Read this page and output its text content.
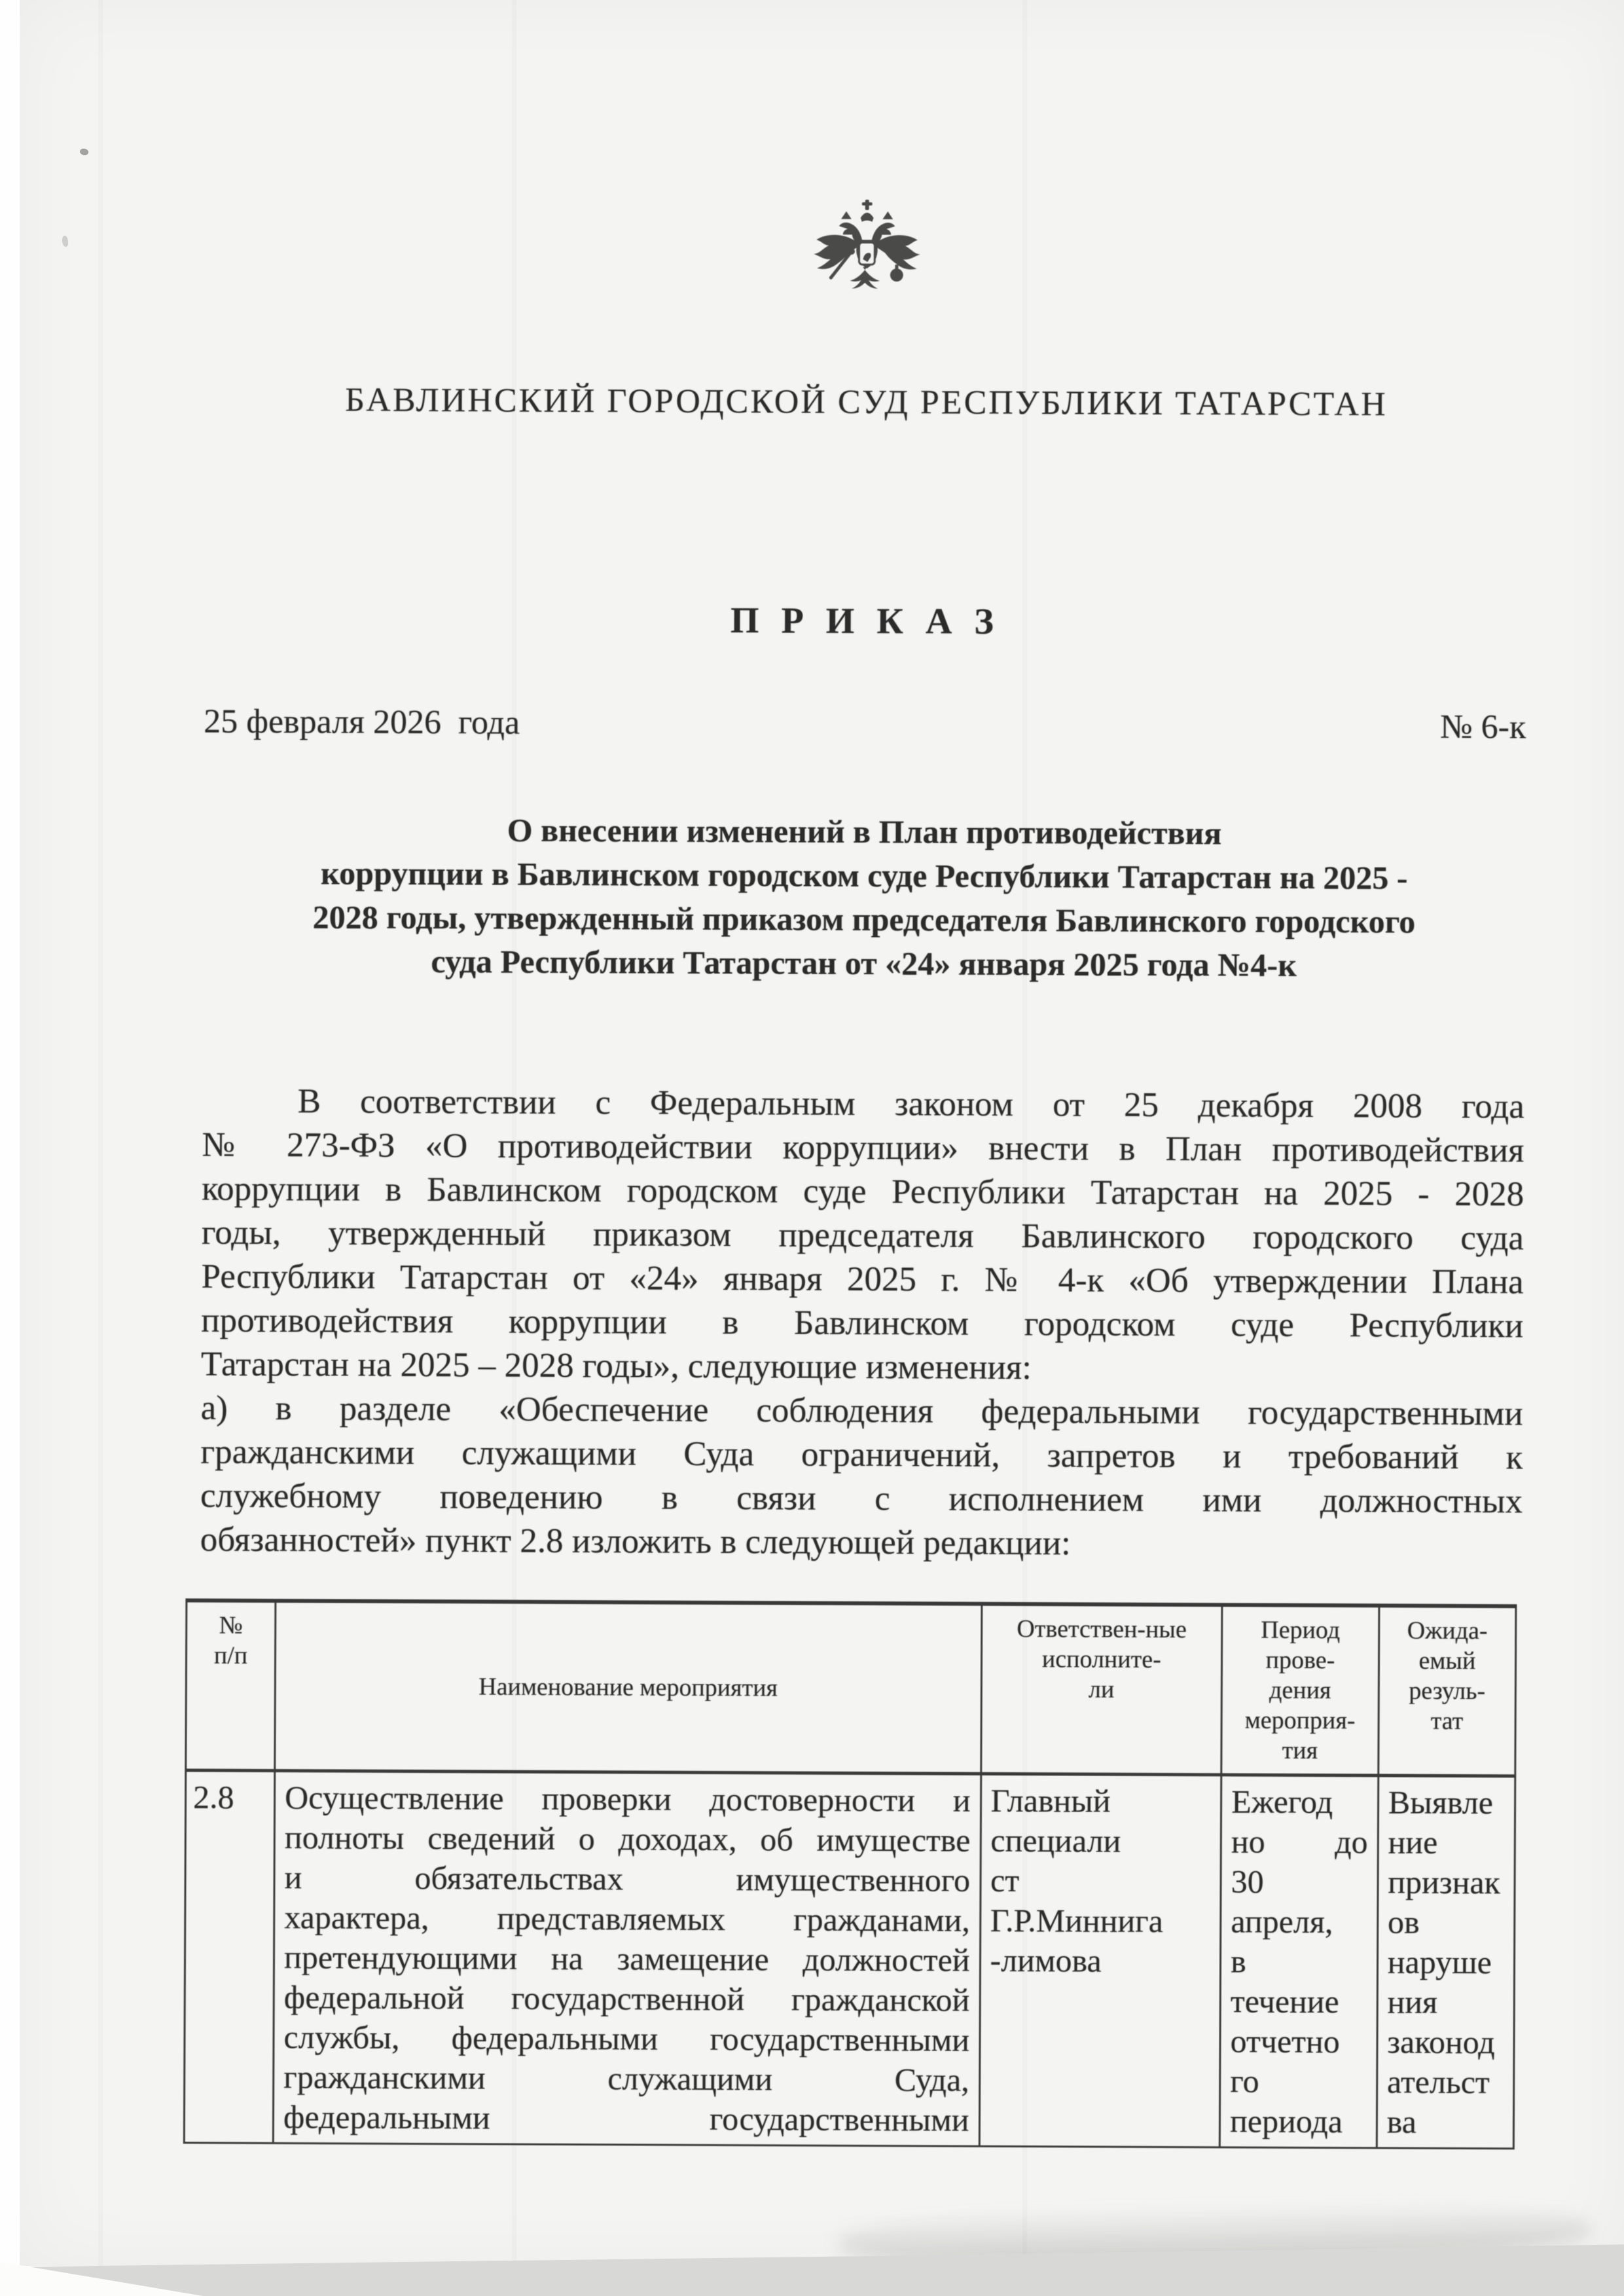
БАВЛИНСКИЙ ГОРОДСКОЙ СУД РЕСПУБЛИКИ ТАТАРСТАН
П Р И К А З
25 февраля 2026  года	№ 6-к
О внесении изменений в План противодействия
коррупции в Бавлинском городском суде Республики Татарстан на 2025 -
2028 годы, утвержденный приказом председателя Бавлинского городского
суда Республики Татарстан от «24» января 2025 года №4-к
В соответствии с Федеральным законом от 25 декабря 2008 года
№ 273-ФЗ «О противодействии коррупции» внести в План противодействия
коррупции в Бавлинском городском суде Республики Татарстан на 2025 - 2028
годы, утвержденный приказом председателя Бавлинского городского суда
Республики Татарстан от «24» января 2025 г. № 4-к «Об утверждении Плана
противодействия коррупции в Бавлинском городском суде Республики
Татарстан на 2025 – 2028 годы», следующие изменения:
а) в разделе «Обеспечение соблюдения федеральными государственными
гражданскими служащими Суда ограничений, запретов и требований к
служебному поведению в связи с исполнением ими должностных
обязанностей» пункт 2.8 изложить в следующей редакции:
№
п/п	Наименование мероприятия	Ответствен-ные
исполните-
ли	Период
прове-
дения
мероприя-
тия	Ожида-
емый
резуль-
тат
2.8	Осуществление проверки достоверности и
полноты сведений о доходах, об имуществе
и обязательствах имущественного
характера, представляемых гражданами,
претендующими на замещение должностей
федеральной государственной гражданской
службы, федеральными государственными
гражданскими служащими Суда,
федеральными государственными	Главный
специали
ст
Г.Р.Миннига
-лимова	Ежегод
но до
30
апреля,
в
течение
отчетно
го
периода	Выявле
ние
признак
ов
наруше
ния
законод
ательст
ва
